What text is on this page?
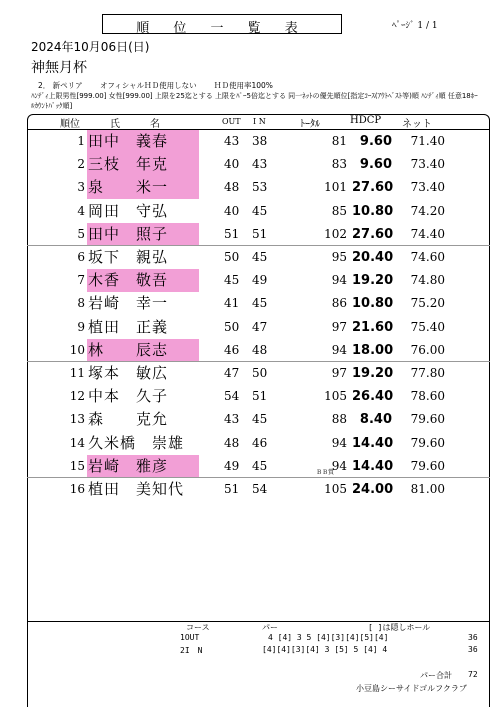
順 位 一 覧 表	ﾍﾟｰｼﾞ 1 / 1
2024年10月06日(日)
神無月杯
2． 新ペリア 　　オフィシャルＨＤ使用しない 　　ＨＤ使用率100%
ﾊﾝﾃﾞｨ上限男性[999.00] 女性[999.00] 上限を25迄とする 上限をﾊﾟｰ5倍迄とする 同一ﾈｯﾄの優先順位[指定ｺｰｽ(ｱｳﾄﾍﾞｽﾄ等)順 ﾊﾝﾃﾞｨ順 任意18ﾎｰﾙｶｳﾝﾄﾊﾞｯｸ順]
順位	氏　　　名	OUT I N	ﾄｰﾀﾙ	HDCP ネット
1 田中　義春	43 38	81 9.60	71.40
2 三枝　年克	40 43	83 9.60	73.40
3 泉　　米一	48 53	101 27.60	73.40
4 岡田　守弘	40 45	85 10.80	74.20
5 田中　照子	51 51	102 27.60	74.40
6 坂下　親弘	50 45	95 20.40	74.60
7 木香　敬吾	45 49	94 19.20	74.80
8 岩崎　幸一	41 45	86 10.80	75.20
9 植田　正義	50 47	97 21.60	75.40
10 林　　辰志	46 48	94 18.00	76.00
11 塚本　敏広	47 50	97 19.20	77.80
12 中本　久子	54 51	105 26.40	78.60
13 森　　克允	43 45	88 8.40	79.60
14 久米橋　崇雄	48 46	94 14.40	79.60
15 岩崎　雅彦	49 45	94 14.40	79.60
ＢＢ賞
16 植田　美知代	51 54	105 24.00	81.00
コース	パー	[ ]は隠しホール
1OUT	4 [4] 3 5 [4][3][4][5][4]	36
2I　N	[4][4][3][4] 3 [5] 5 [4] 4	36
パー合計 72
小豆島シーサイドゴルフクラブ
